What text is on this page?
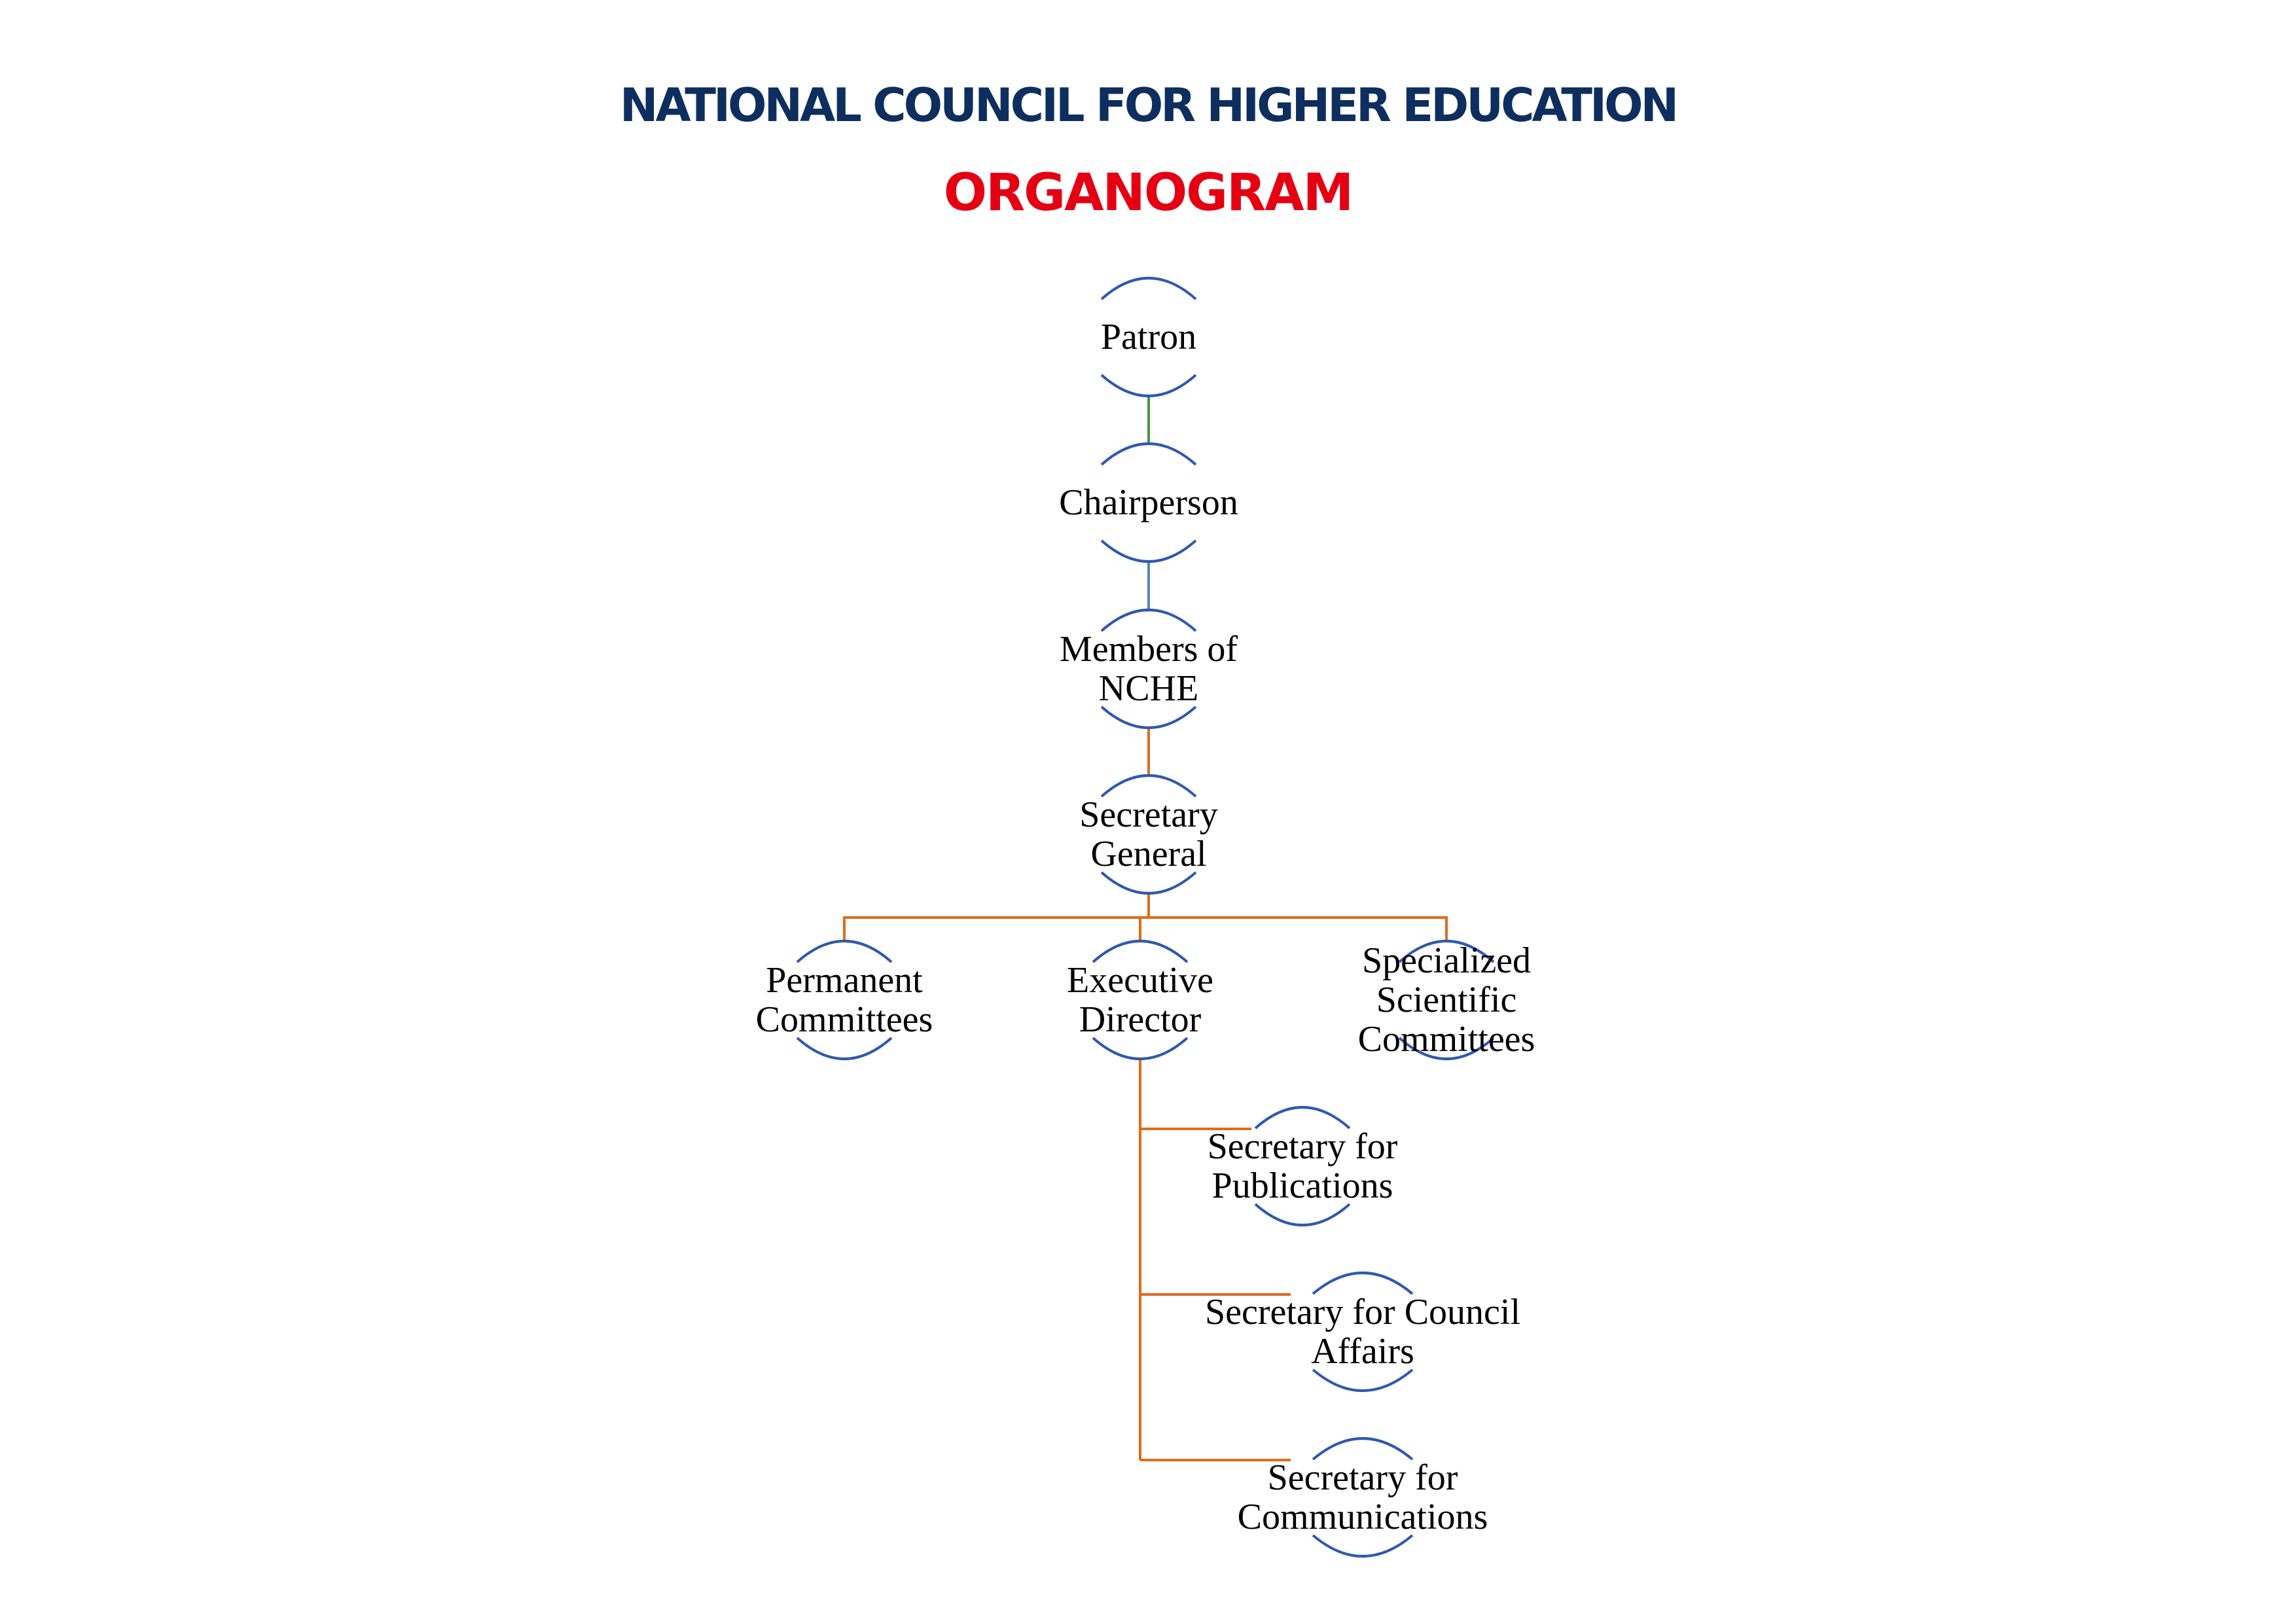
NATIONAL COUNCIL FOR HIGHER EDUCATION
ORGANOGRAM
Patron
Chairperson
Members of
NCHE
Secretary
General
Permanent
Committees
Executive
Director
Specialized
Scientific
Committees
Secretary for
Publications
Secretary for Council
Affairs
Secretary for
Communications
